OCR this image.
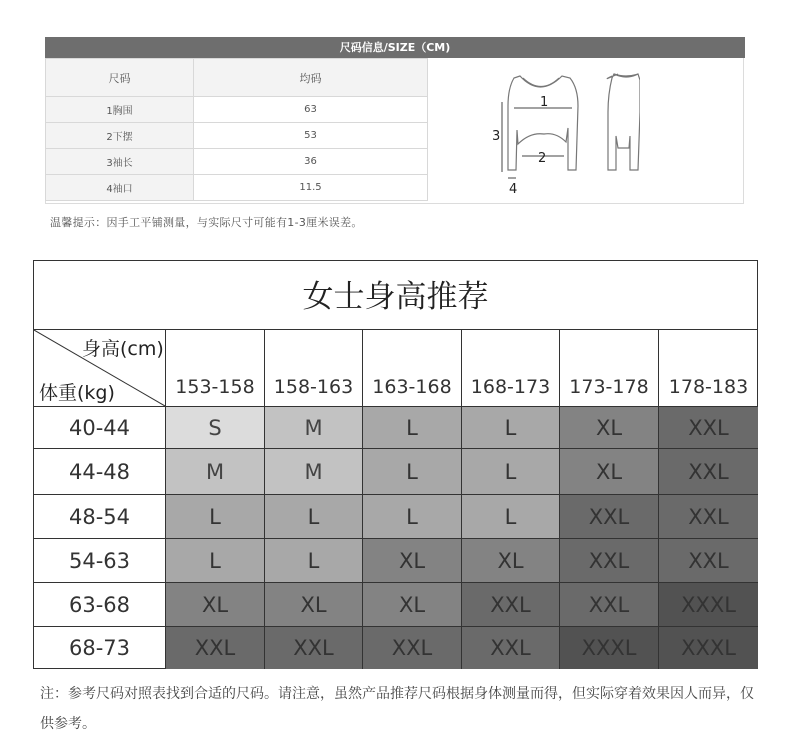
尺码信息/SIZE（CM)
尺码	均码
1胸围	63
2下摆	53
3袖长	36
4袖口	11.5
1
2
3
4
温馨提示：因手工平铺测量，与实际尺寸可能有1-3厘米误差。
女士身高推荐
身高(cm)
体重(kg)	153-158	158-163	163-168	168-173	173-178	178-183
40-44	S	M	L	L	XL	XXL
44-48	M	M	L	L	XL	XXL
48-54	L	L	L	L	XXL	XXL
54-63	L	L	XL	XL	XXL	XXL
63-68	XL	XL	XL	XXL	XXL	XXXL
68-73	XXL	XXL	XXL	XXL	XXXL	XXXL
注：参考尺码对照表找到合适的尺码。请注意，虽然产品推荐尺码根据身体测量而得，但实际穿着效果因人而异，仅供参考。
